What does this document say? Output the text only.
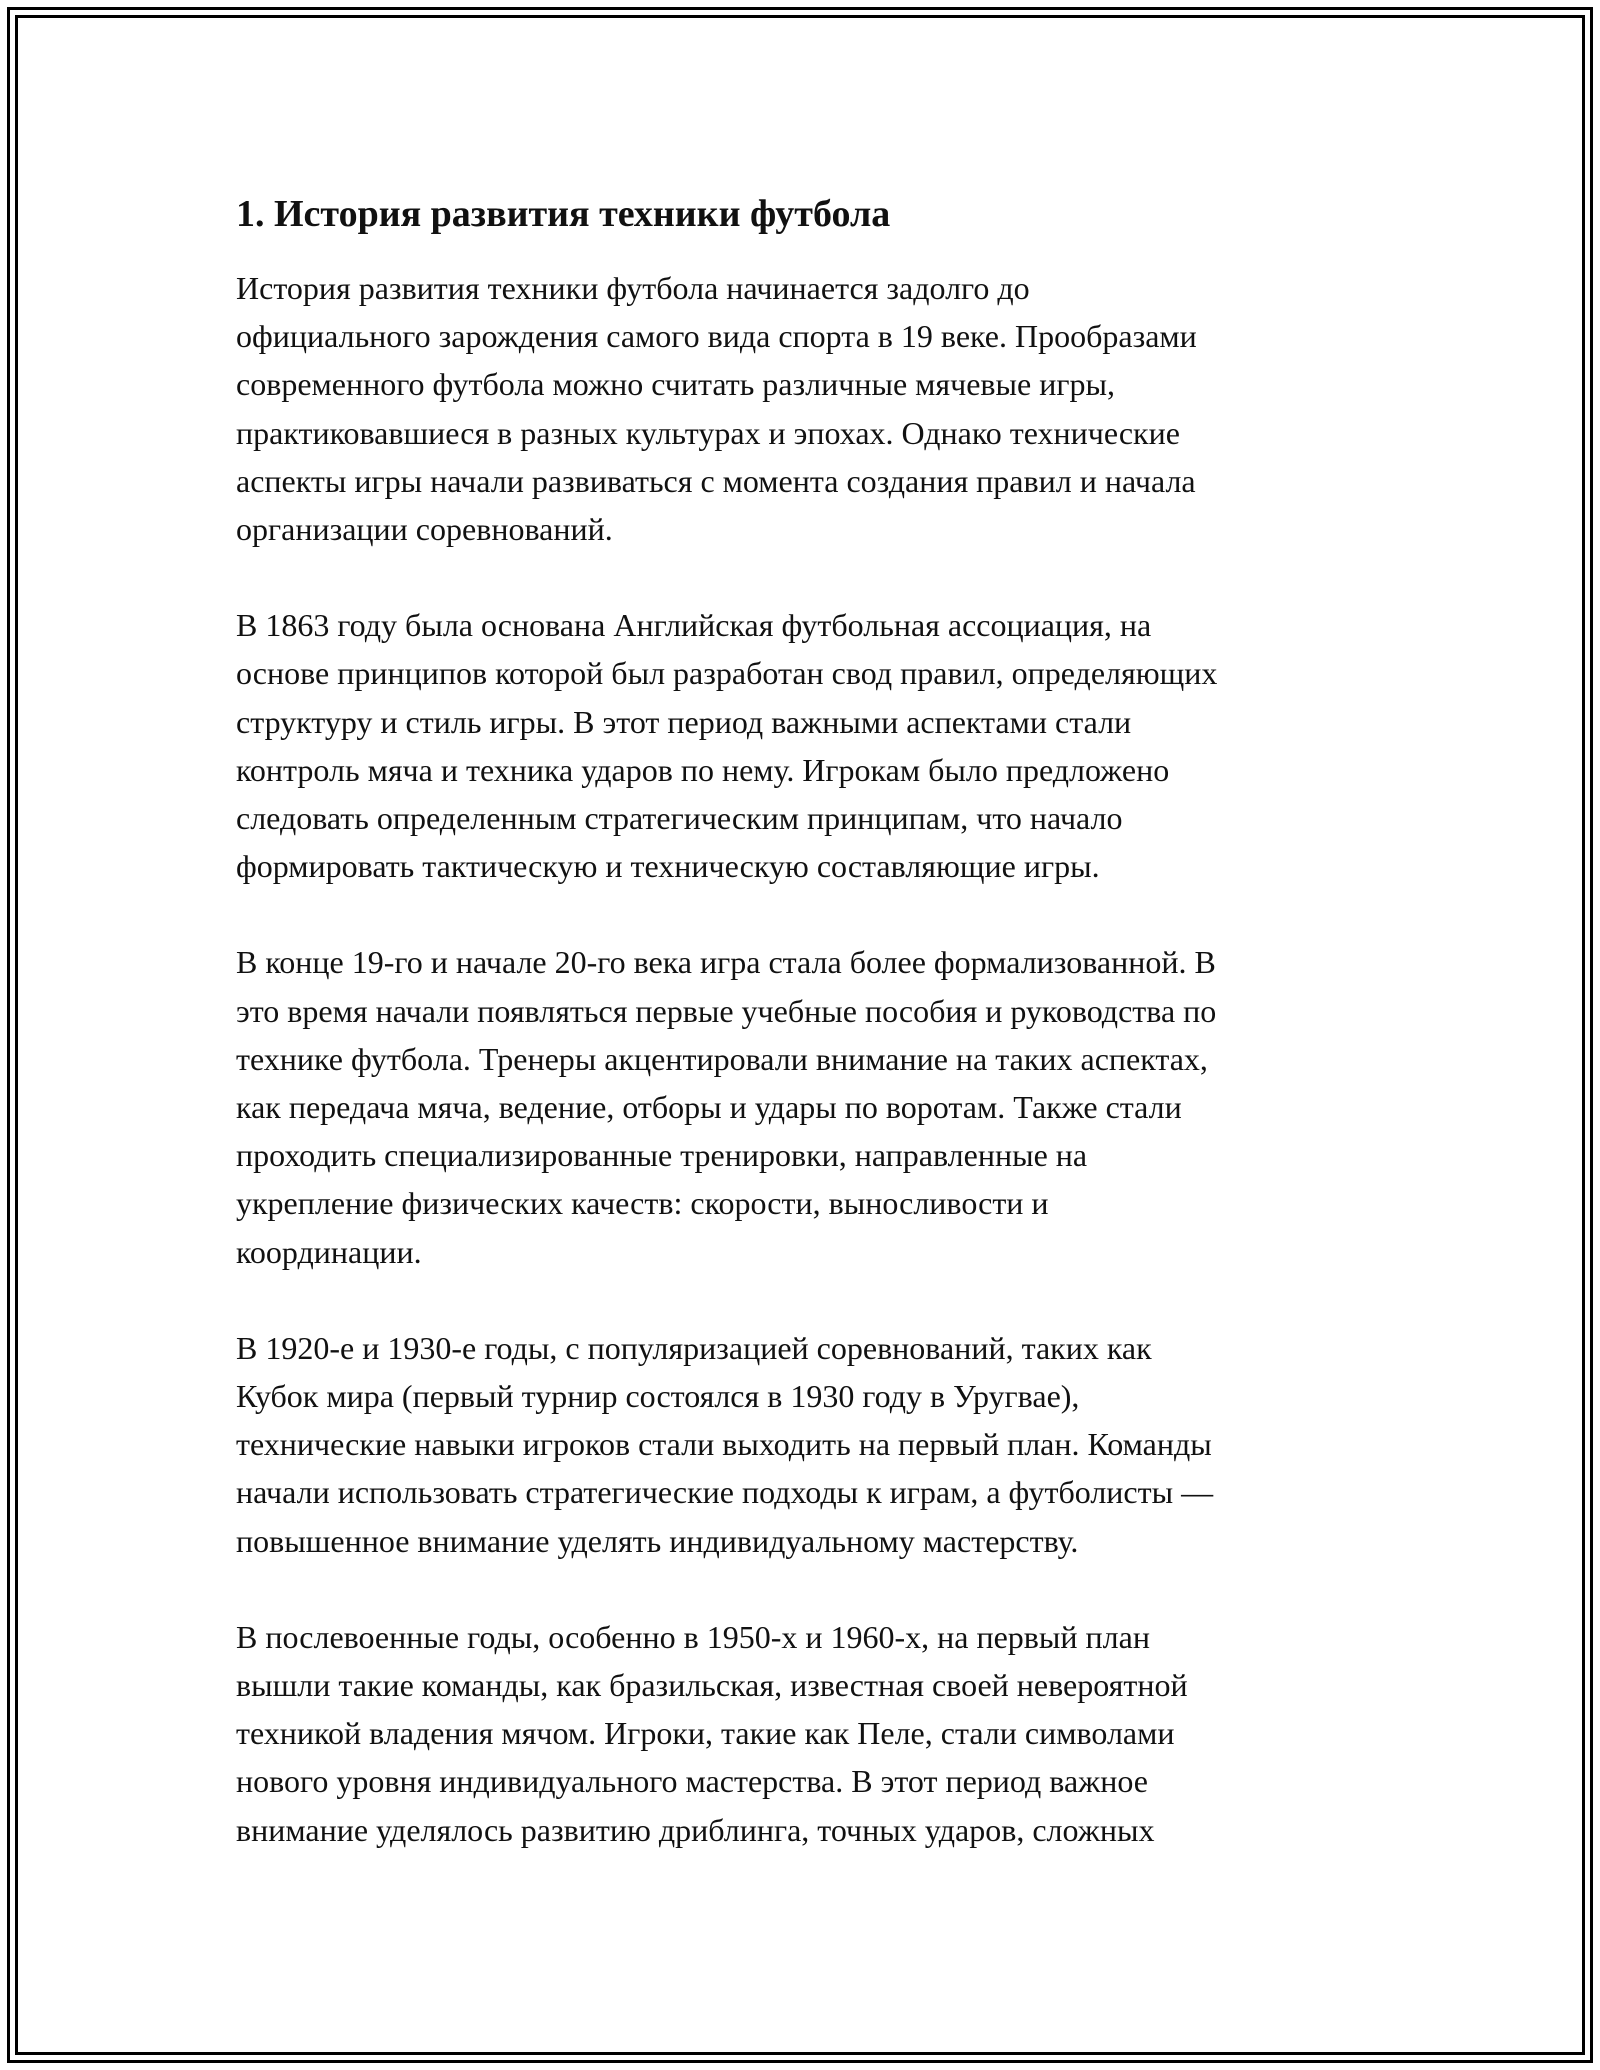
1. История развития техники футбола

История развития техники футбола начинается задолго до
официального зарождения самого вида спорта в 19 веке. Прообразами
современного футбола можно считать различные мячевые игры,
практиковавшиеся в разных культурах и эпохах. Однако технические
аспекты игры начали развиваться с момента создания правил и начала
организации соревнований.

В 1863 году была основана Английская футбольная ассоциация, на
основе принципов которой был разработан свод правил, определяющих
структуру и стиль игры. В этот период важными аспектами стали
контроль мяча и техника ударов по нему. Игрокам было предложено
следовать определенным стратегическим принципам, что начало
формировать тактическую и техническую составляющие игры.

В конце 19-го и начале 20-го века игра стала более формализованной. В
это время начали появляться первые учебные пособия и руководства по
технике футбола. Тренеры акцентировали внимание на таких аспектах,
как передача мяча, ведение, отборы и удары по воротам. Также стали
проходить специализированные тренировки, направленные на
укрепление физических качеств: скорости, выносливости и
координации.

В 1920-е и 1930-е годы, с популяризацией соревнований, таких как
Кубок мира (первый турнир состоялся в 1930 году в Уругвае),
технические навыки игроков стали выходить на первый план. Команды
начали использовать стратегические подходы к играм, а футболисты —
повышенное внимание уделять индивидуальному мастерству.

В послевоенные годы, особенно в 1950-х и 1960-х, на первый план
вышли такие команды, как бразильская, известная своей невероятной
техникой владения мячом. Игроки, такие как Пеле, стали символами
нового уровня индивидуального мастерства. В этот период важное
внимание уделялось развитию дриблинга, точных ударов, сложных
